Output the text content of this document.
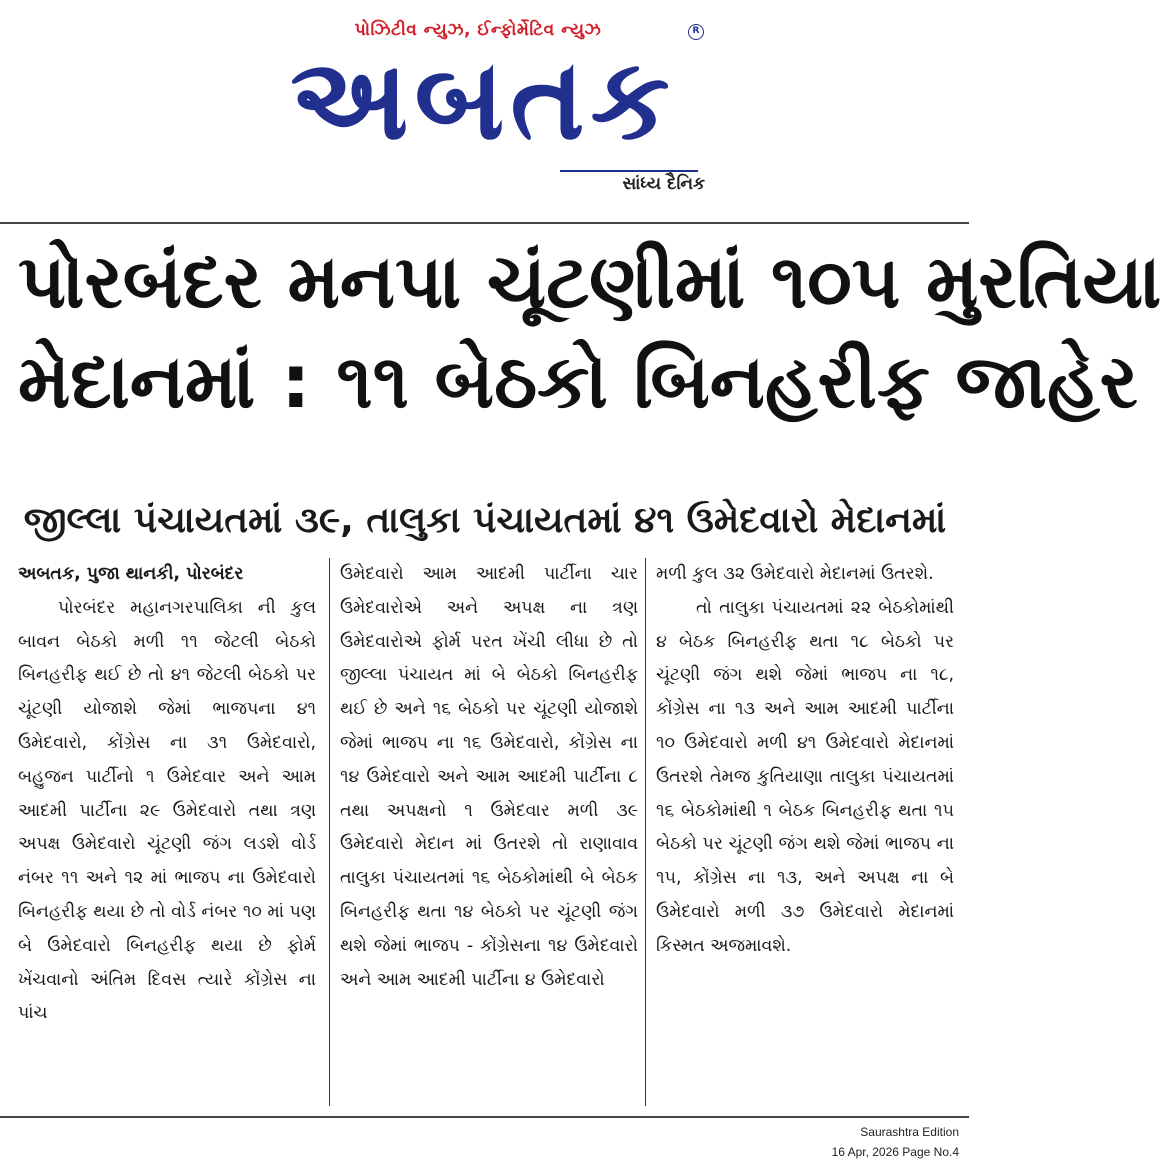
પોઝિટીવ ન્યુઝ, ઈન્ફોર્મેટિવ ન્યુઝ	R
અબતક
સાંધ્ય દૈનિક
પોરબંદર મનપા ચૂંટણીમાં ૧૦૫ મુરતિયા
મેદાનમાં : ૧૧ બેઠકો બિનહરીફ જાહેર
જીલ્લા પંચાયતમાં ૩૯, તાલુકા પંચાયતમાં ૪૧ ઉમેદવારો મેદાનમાં
અબતક, પુજા થાનકી, પોરબંદર
પોરબંદર મહાનગરપાલિકા ની કુલ બાવન બેઠકો મળી ૧૧ જેટલી બેઠકો બિનહરીફ થઈ છે તો ૪૧ જેટલી બેઠકો પર ચૂંટણી યોજાશે જેમાં ભાજપના ૪૧ ઉમેદવારો, કોંગ્રેસ ના ૩૧ ઉમેદવારો, બહુજન પાર્ટીનો ૧ ઉમેદવાર અને આમ આદમી પાર્ટીના ૨૯ ઉમેદવારો તથા ત્રણ અપક્ષ ઉમેદવારો ચૂંટણી જંગ લડશે વોર્ડ નંબર ૧૧ અને ૧૨ માં ભાજપ ના ઉમેદવારો બિનહરીફ થયા છે તો વોર્ડ નંબર ૧૦ માં પણ બે ઉમેદવારો બિનહરીફ થયા છે ફોર્મ ખેંચવાનો અંતિમ દિવસ ત્યારે કોંગ્રેસ ના પાંચ
ઉમેદવારો આમ આદમી પાર્ટીના ચાર ઉમેદવારોએ અને અપક્ષ ના ત્રણ ઉમેદવારોએ ફોર્મ પરત ખેંચી લીધા છે તો જીલ્લા પંચાયત માં બે બેઠકો બિનહરીફ થઈ છે અને ૧૬ બેઠકો પર ચૂંટણી યોજાશે જેમાં ભાજપ ના ૧૬ ઉમેદવારો, કોંગ્રેસ ના ૧૪ ઉમેદવારો અને આમ આદમી પાર્ટીના ૮ તથા અપક્ષનો ૧ ઉમેદવાર મળી ૩૯ ઉમેદવારો મેદાન માં ઉતરશે તો રાણાવાવ તાલુકા પંચાયતમાં ૧૬ બેઠકોમાંથી બે બેઠક બિનહરીફ થતા ૧૪ બેઠકો પર ચૂંટણી જંગ થશે જેમાં ભાજપ - કોંગ્રેસના ૧૪ ઉમેદવારો અને આમ આદમી પાર્ટીના ૪ ઉમેદવારો
મળી કુલ ૩૨ ઉમેદવારો મેદાનમાં ઉતરશે.
તો તાલુકા પંચાયતમાં ૨૨ બેઠકોમાંથી ૪ બેઠક બિનહરીફ થતા ૧૮ બેઠકો પર ચૂંટણી જંગ થશે જેમાં ભાજપ ના ૧૮, કોંગ્રેસ ના ૧૩ અને આમ આદમી પાર્ટીના ૧૦ ઉમેદવારો મળી ૪૧ ઉમેદવારો મેદાનમાં ઉતરશે તેમજ કુતિયાણા તાલુકા પંચાયતમાં ૧૬ બેઠકોમાંથી ૧ બેઠક બિનહરીફ થતા ૧૫ બેઠકો પર ચૂંટણી જંગ થશે જેમાં ભાજપ ના ૧૫, કોંગ્રેસ ના ૧૩, અને અપક્ષ ના બે ઉમેદવારો મળી ૩૭ ઉમેદવારો મેદાનમાં કિસ્મત અજમાવશે.
Saurashtra Edition
16 Apr, 2026 Page No.4
